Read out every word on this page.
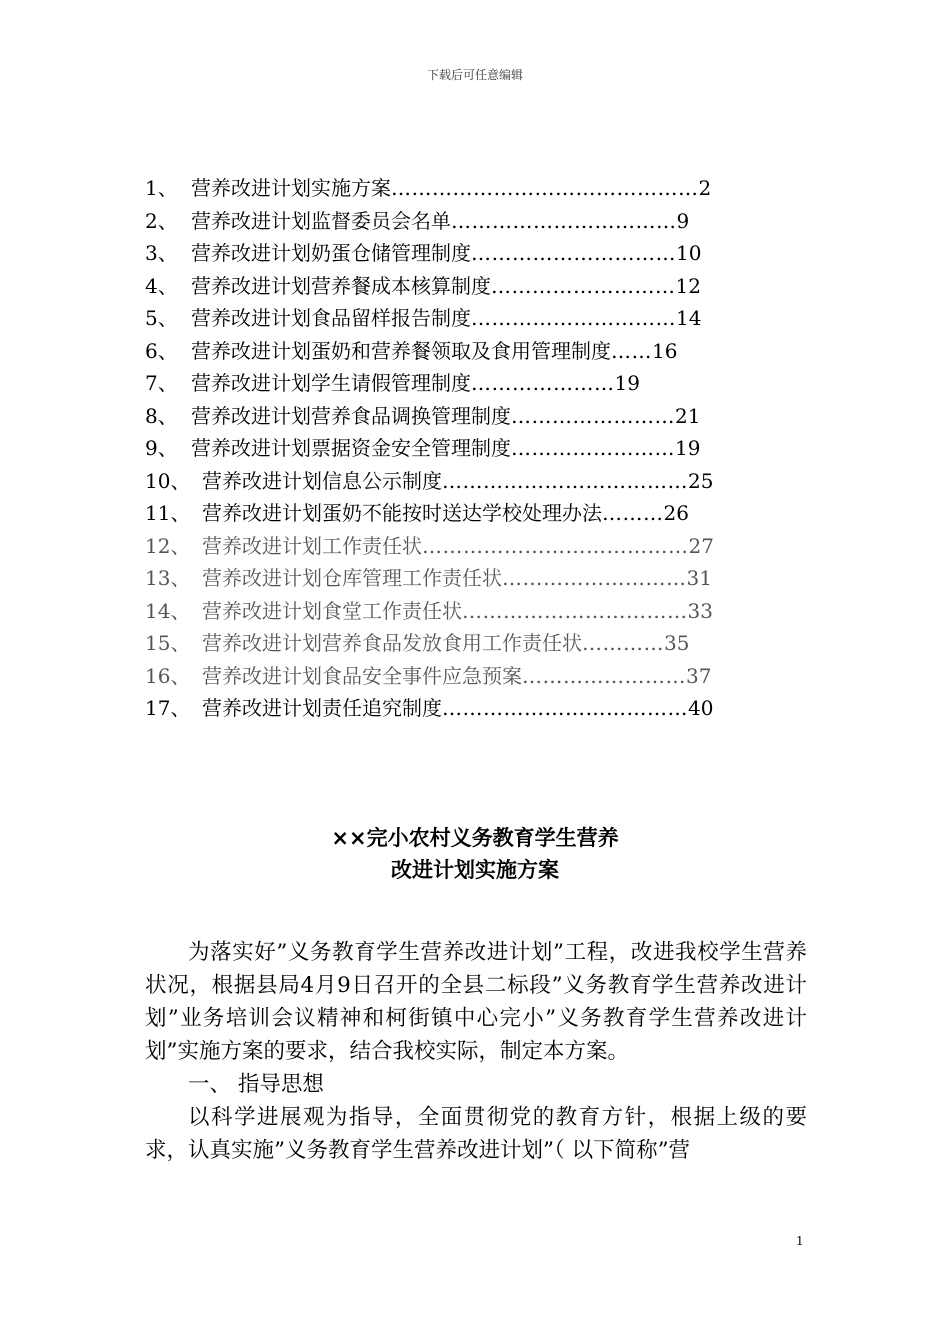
下载后可任意编辑
1、 营养改进计划实施方案………………………………………2
2、 营养改进计划监督委员会名单……………………………9
3、 营养改进计划奶蛋仓储管理制度…………………………10
4、 营养改进计划营养餐成本核算制度………………………12
5、 营养改进计划食品留样报告制度…………………………14
6、 营养改进计划蛋奶和营养餐领取及食用管理制度……16
7、 营养改进计划学生请假管理制度…………………19
8、 营养改进计划营养食品调换管理制度……………………21
9、 营养改进计划票据资金安全管理制度……………………19
10、 营养改进计划信息公示制度………………………………25
11、 营养改进计划蛋奶不能按时送达学校处理办法………26
12、 营养改进计划工作责任状…………………………………27
13、 营养改进计划仓库管理工作责任状………………………31
14、 营养改进计划食堂工作责任状……………………………33
15、 营养改进计划营养食品发放食用工作责任状…………35
16、 营养改进计划食品安全事件应急预案……………………37
17、 营养改进计划责任追究制度………………………………40
××完小农村义务教育学生营养
改进计划实施方案

为落实好”义务教育学生营养改进计划”工程，改进我校学生营养状况，根据县局4月9日召开的全县二标段”义务教育学生营养改进计划”业务培训会议精神和柯街镇中心完小”义务教育学生营养改进计划”实施方案的要求，结合我校实际，制定本方案。

一、 指导思想

以科学进展观为指导，全面贯彻党的教育方针，根据上级的要求，认真实施”义务教育学生营养改进计划”（ 以下简称”营

1
